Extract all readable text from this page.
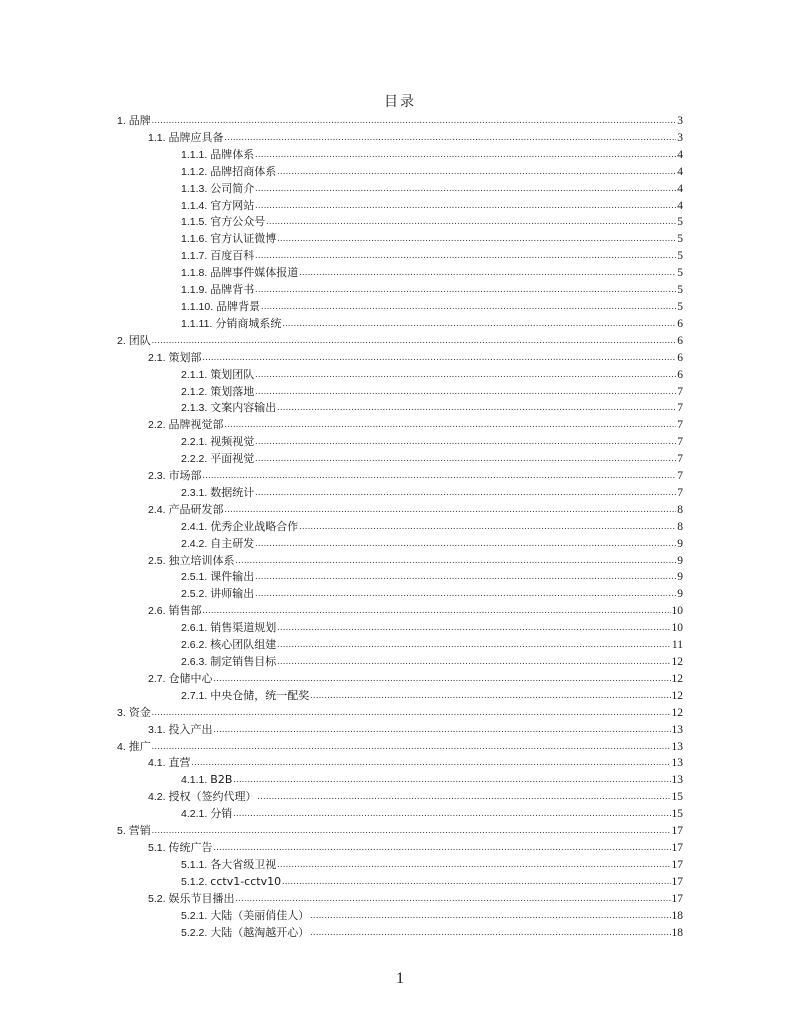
目录
1. 品牌 .....	3
1.1. 品牌应具备 .....	3
1.1.1. 品牌体系 .....	4
1.1.2. 品牌招商体系 .....	4
1.1.3. 公司简介 .....	4
1.1.4. 官方网站 .....	4
1.1.5. 官方公众号 .....	5
1.1.6. 官方认证微博 .....	5
1.1.7. 百度百科 .....	5
1.1.8. 品牌事件媒体报道 .....	5
1.1.9. 品牌背书 .....	5
1.1.10. 品牌背景 .....	5
1.1.11. 分销商城系统 .....	6
2. 团队 .....	6
2.1. 策划部 .....	6
2.1.1. 策划团队 .....	6
2.1.2. 策划落地 .....	7
2.1.3. 文案内容输出 .....	7
2.2. 品牌视觉部 .....	7
2.2.1. 视频视觉 .....	7
2.2.2. 平面视觉 .....	7
2.3. 市场部 .....	7
2.3.1. 数据统计 .....	7
2.4. 产品研发部 .....	8
2.4.1. 优秀企业战略合作 .....	8
2.4.2. 自主研发 .....	9
2.5. 独立培训体系 .....	9
2.5.1. 课件输出 .....	9
2.5.2. 讲师输出 .....	9
2.6. 销售部 .....	10
2.6.1. 销售渠道规划 .....	10
2.6.2. 核心团队组建 .....	11
2.6.3. 制定销售目标 .....	12
2.7. 仓储中心 .....	12
2.7.1. 中央仓储，统一配奖 .....	12
3. 资金 .....	12
3.1. 投入产出 .....	13
4. 推广 .....	13
4.1. 直营 .....	13
4.1.1. B2B .....	13
4.2. 授权（签约代理） .....	15
4.2.1. 分销 .....	15
5. 营销 .....	17
5.1. 传统广告 .....	17
5.1.1. 各大省级卫视 .....	17
5.1.2. cctv1-cctv10 .....	17
5.2. 娱乐节目播出 .....	17
5.2.1. 大陆（美丽俏佳人） .....	18
5.2.2. 大陆（越淘越开心） .....	18
1
